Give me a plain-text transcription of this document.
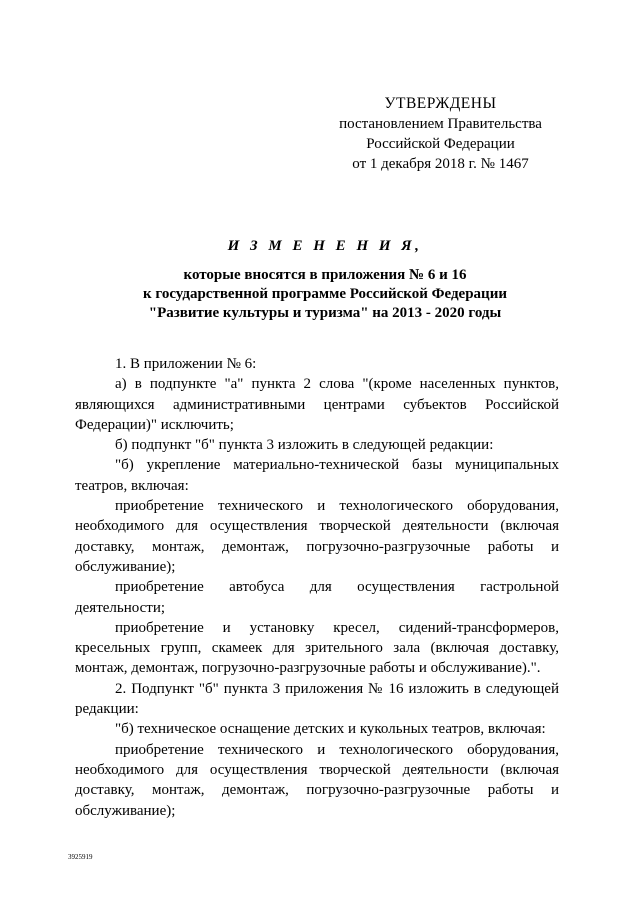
УТВЕРЖДЕНЫ
постановлением Правительства
Российской Федерации
от 1 декабря 2018 г. № 1467
И З М Е Н Е Н И Я,
которые вносятся в приложения № 6 и 16
к государственной программе Российской Федерации
"Развитие культуры и туризма" на 2013 - 2020 годы

1. В приложении № 6:

а) в подпункте "а" пункта 2 слова "(кроме населенных пунктов, являющихся административными центрами субъектов Российской Федерации)" исключить;

б) подпункт "б" пункта 3 изложить в следующей редакции:

"б) укрепление материально-технической базы муниципальных театров, включая:

приобретение технического и технологического оборудования, необходимого для осуществления творческой деятельности (включая доставку, монтаж, демонтаж, погрузочно-разгрузочные работы и обслуживание);

приобретение автобуса для осуществления гастрольной деятельности;

приобретение и установку кресел, сидений-трансформеров, кресельных групп, скамеек для зрительного зала (включая доставку, монтаж, демонтаж, погрузочно-разгрузочные работы и обслуживание).".

2. Подпункт "б" пункта 3 приложения № 16 изложить в следующей редакции:

"б) техническое оснащение детских и кукольных театров, включая:

приобретение технического и технологического оборудования, необходимого для осуществления творческой деятельности (включая доставку, монтаж, демонтаж, погрузочно-разгрузочные работы и обслуживание);

3925919
